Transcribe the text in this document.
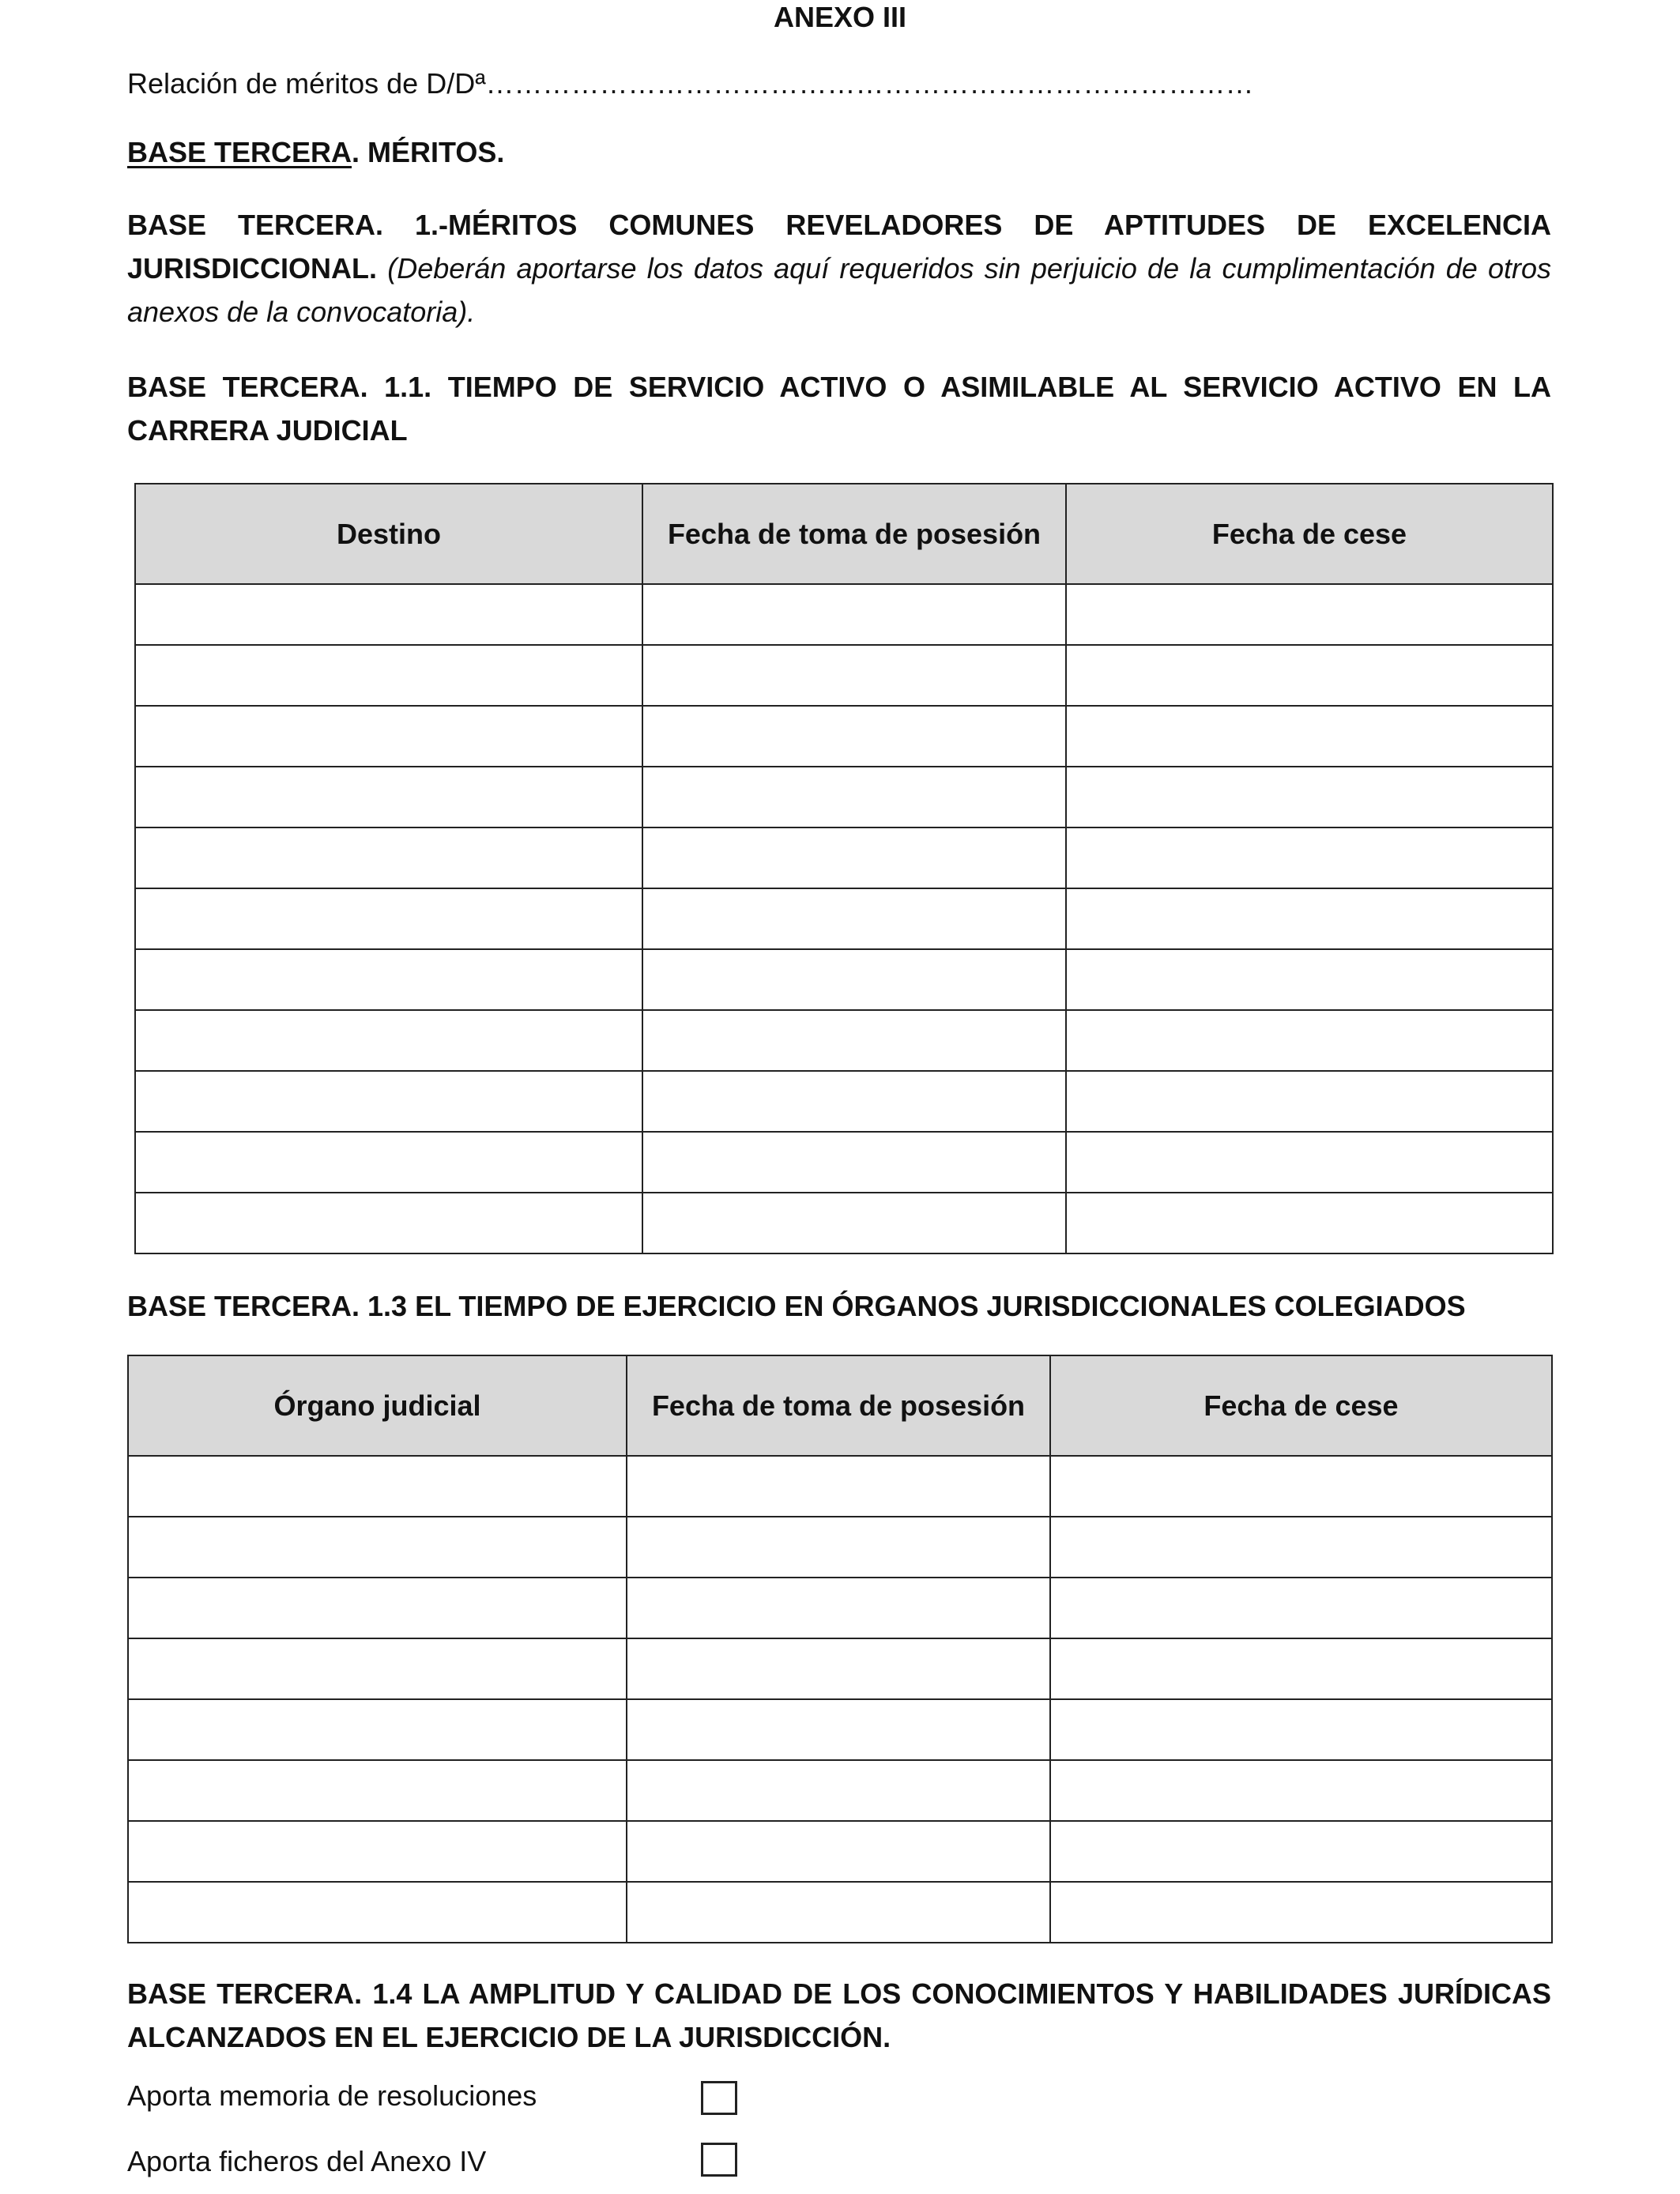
ANEXO III
Relación de méritos de D/Dª………………………………………………………………………
BASE TERCERA. MÉRITOS.
BASE TERCERA. 1.-MÉRITOS COMUNES REVELADORES DE APTITUDES DE EXCELENCIA JURISDICCIONAL. (Deberán aportarse los datos aquí requeridos sin perjuicio de la cumplimentación de otros anexos de la convocatoria).
BASE TERCERA. 1.1. TIEMPO DE SERVICIO ACTIVO O ASIMILABLE AL SERVICIO ACTIVO EN LA CARRERA JUDICIAL
Destino	Fecha de toma de posesión	Fecha de cese

BASE TERCERA. 1.3 EL TIEMPO DE EJERCICIO EN ÓRGANOS JURISDICCIONALES COLEGIADOS
Órgano judicial	Fecha de toma de posesión	Fecha de cese

BASE TERCERA. 1.4 LA AMPLITUD Y CALIDAD DE LOS CONOCIMIENTOS Y HABILIDADES JURÍDICAS ALCANZADOS EN EL EJERCICIO DE LA JURISDICCIÓN.
Aporta memoria de resoluciones
Aporta ficheros del Anexo IV
